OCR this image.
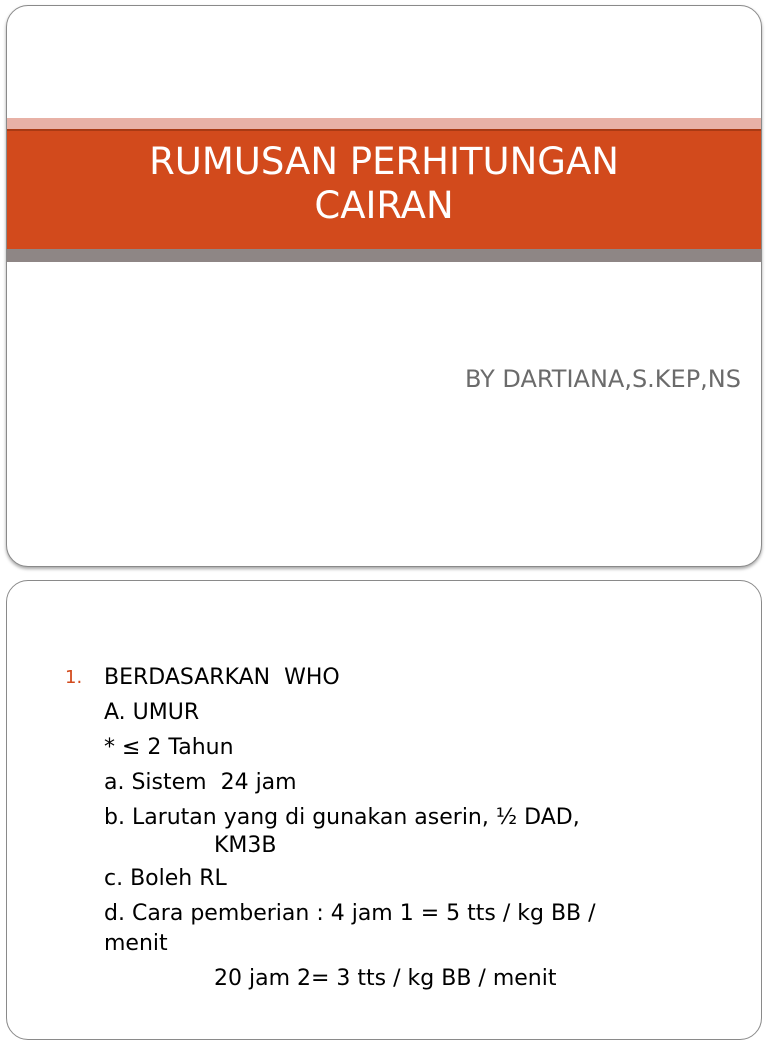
RUMUSAN PERHITUNGAN
CAIRAN

BY DARTIANA,S.KEP,NS

1. BERDASARKAN  WHO
A. UMUR
* ≤ 2 Tahun
a. Sistem  24 jam
b. Larutan yang di gunakan aserin, ½ DAD,
KM3B
c. Boleh RL
d. Cara pemberian : 4 jam 1 = 5 tts / kg BB /
menit
20 jam 2= 3 tts / kg BB / menit
